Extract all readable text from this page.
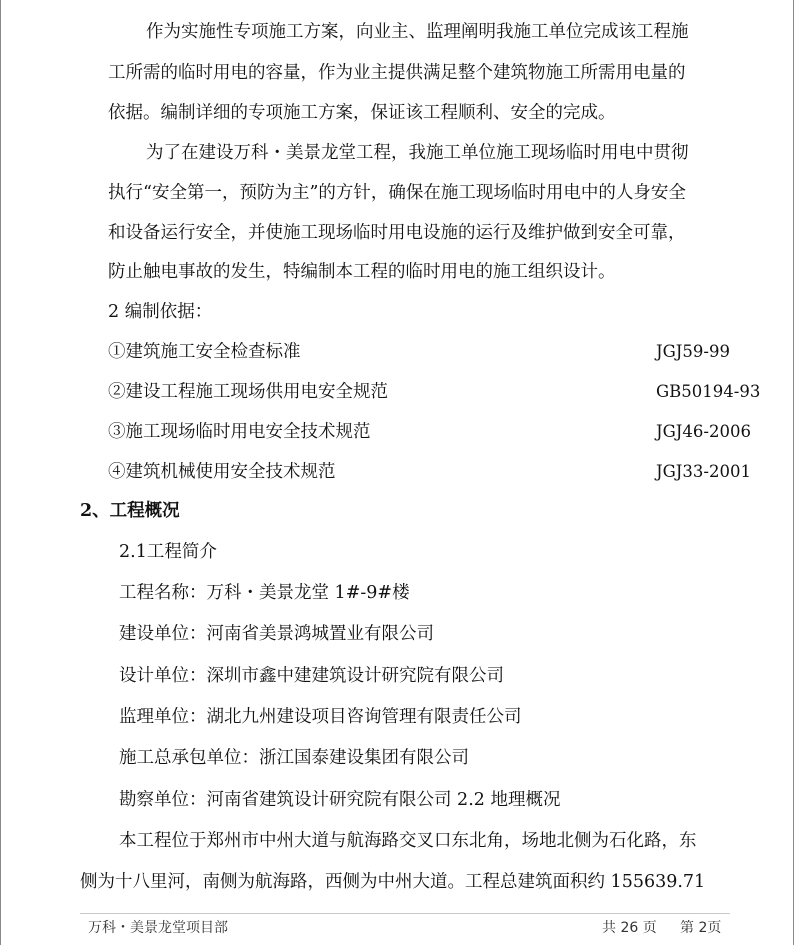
作为实施性专项施工方案，向业主、监理阐明我施工单位完成该工程施
工所需的临时用电的容量，作为业主提供满足整个建筑物施工所需用电量的
依据。编制详细的专项施工方案，保证该工程顺利、安全的完成。
为了在建设万科・美景龙堂工程，我施工单位施工现场临时用电中贯彻
执行“安全第一，预防为主”的方针，确保在施工现场临时用电中的人身安全
和设备运行安全，并使施工现场临时用电设施的运行及维护做到安全可靠，
防止触电事故的发生，特编制本工程的临时用电的施工组织设计。
2 编制依据：
①建筑施工安全检查标准	JGJ59-99
②建设工程施工现场供用电安全规范	GB50194-93
③施工现场临时用电安全技术规范	JGJ46-2006
④建筑机械使用安全技术规范	JGJ33-2001
2、工程概况
2.1工程简介
工程名称：万科・美景龙堂 1#-9#楼
建设单位：河南省美景鸿城置业有限公司
设计单位：深圳市鑫中建建筑设计研究院有限公司
监理单位：湖北九州建设项目咨询管理有限责任公司
施工总承包单位：浙江国泰建设集团有限公司
勘察单位：河南省建筑设计研究院有限公司 2.2 地理概况
本工程位于郑州市中州大道与航海路交叉口东北角，场地北侧为石化路，东
侧为十八里河，南侧为航海路，西侧为中州大道。工程总建筑面积约 155639.71
万科・美景龙堂项目部	共 26 页 第 2页
